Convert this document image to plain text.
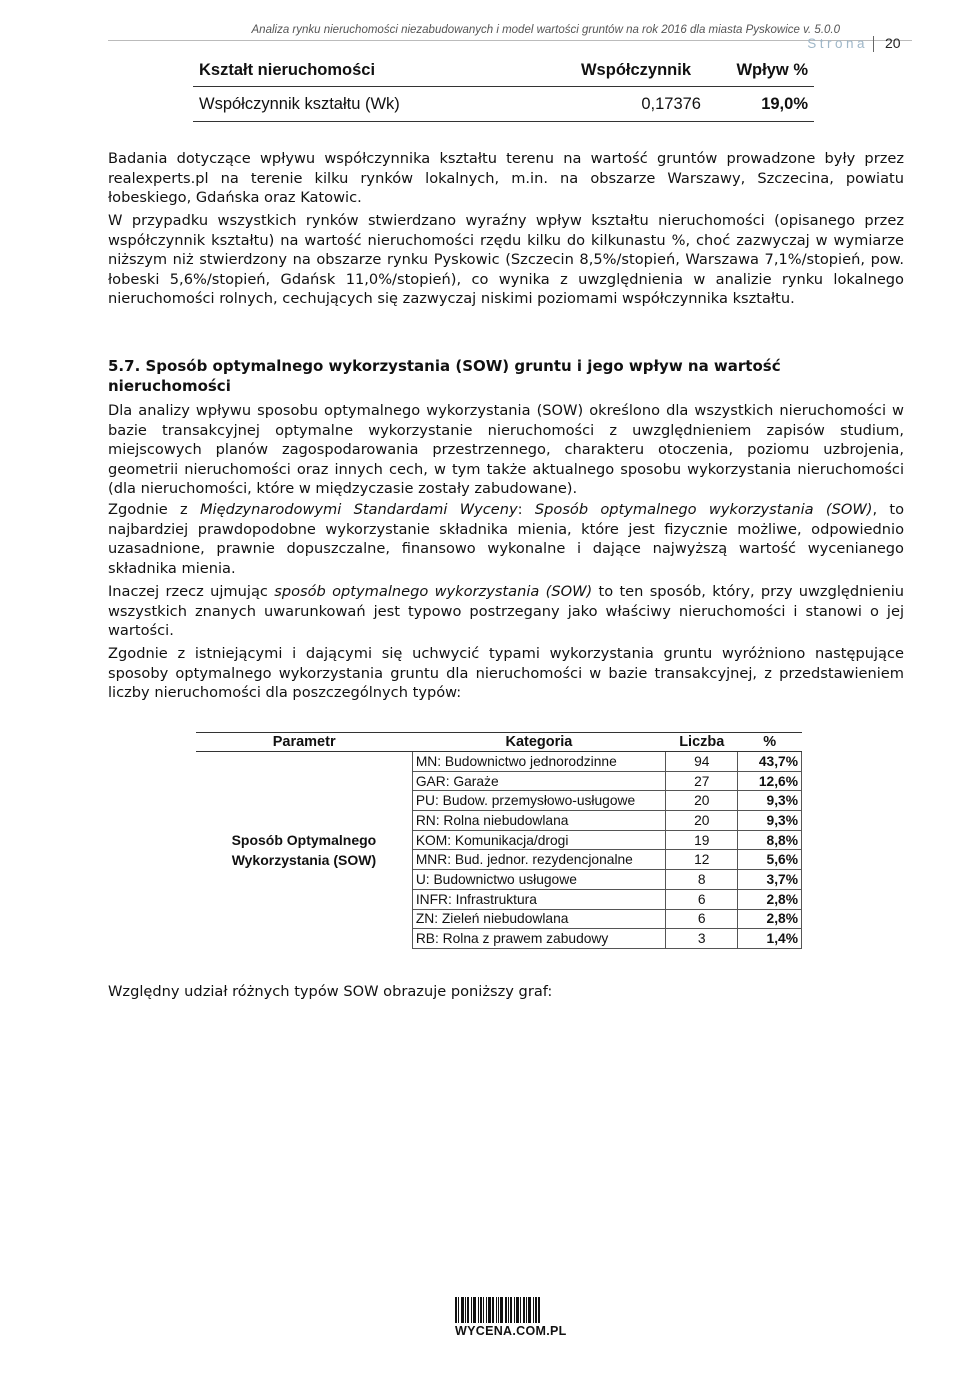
Analiza rynku nieruchomości niezabudowanych i model wartości gruntów na rok 2016 dla miasta Pyskowice v. 5.0.0
Strona 20
Kształt nieruchomości	Współczynnik	Wpływ %
Współczynnik kształtu (Wk)	0,17376	19,0%

Badania dotyczące wpływu współczynnika kształtu terenu na wartość gruntów prowadzone były przez realexperts.pl na terenie kilku rynków lokalnych, m.in. na obszarze Warszawy, Szczecina, powiatu łobeskiego, Gdańska oraz Katowic.

W przypadku wszystkich rynków stwierdzano wyraźny wpływ kształtu nieruchomości (opisanego przez współczynnik kształtu) na wartość nieruchomości rzędu kilku do kilkunastu %, choć zazwyczaj w wymiarze niższym niż stwierdzony na obszarze rynku Pyskowic (Szczecin 8,5%/stopień, Warszawa 7,1%/stopień, pow. łobeski 5,6%/stopień, Gdańsk 11,0%/stopień), co wynika z uwzględnienia w analizie rynku lokalnego nieruchomości rolnych, cechujących się zazwyczaj niskimi poziomami współczynnika kształtu.

5.7. Sposób optymalnego wykorzystania (SOW) gruntu i jego wpływ na wartość nieruchomości

Dla analizy wpływu sposobu optymalnego wykorzystania (SOW) określono dla wszystkich nieruchomości w bazie transakcyjnej optymalne wykorzystanie nieruchomości z uwzględnieniem zapisów studium, miejscowych planów zagospodarowania przestrzennego, charakteru otoczenia, poziomu uzbrojenia, geometrii nieruchomości oraz innych cech, w tym także aktualnego sposobu wykorzystania nieruchomości (dla nieruchomości, które w międzyczasie zostały zabudowane).

Zgodnie z Międzynarodowymi Standardami Wyceny: Sposób optymalnego wykorzystania (SOW), to najbardziej prawdopodobne wykorzystanie składnika mienia, które jest fizycznie możliwe, odpowiednio uzasadnione, prawnie dopuszczalne, finansowo wykonalne i dające najwyższą wartość wycenianego składnika mienia.

Inaczej rzecz ujmując sposób optymalnego wykorzystania (SOW) to ten sposób, który, przy uwzględnieniu wszystkich znanych uwarunkowań jest typowo postrzegany jako właściwy nieruchomości i stanowi o jej wartości.

Zgodnie z istniejącymi i dającymi się uchwycić typami wykorzystania gruntu wyróżniono następujące sposoby optymalnego wykorzystania gruntu dla nieruchomości w bazie transakcyjnej, z przedstawieniem liczby nieruchomości dla poszczególnych typów:

Parametr	Kategoria	Liczba	%

Sposób Optymalnego
Wykorzystania (SOW)	MN: Budownictwo jednorodzinne	94	43,7%
	GAR: Garaże	27	12,6%
	PU: Budow. przemysłowo-usługowe	20	9,3%
	RN: Rolna niebudowlana	20	9,3%
	KOM: Komunikacja/drogi	19	8,8%
	MNR: Bud. jednor. rezydencjonalne	12	5,6%
	U: Budownictwo usługowe	8	3,7%
	INFR: Infrastruktura	6	2,8%
	ZN: Zieleń niebudowlana	6	2,8%
	RB: Rolna z prawem zabudowy	3	1,4%

Względny udział różnych typów SOW obrazuje poniższy graf:

WYCENA.COM.PL
